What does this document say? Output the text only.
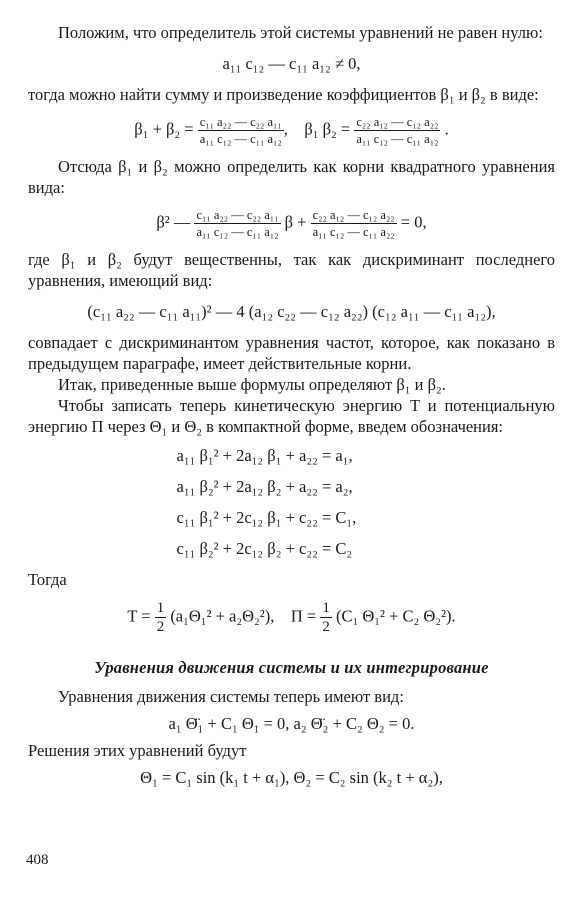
Положим, что определитель этой системы уравнений не равен нулю:

a₁₁ c₁₂ — c₁₁ a₁₂ ≠ 0,

тогда можно найти сумму и произведение коэффициентов β₁ и β₂ в виде:

$\beta_1 + \beta_2 = \frac{\text{c₁₁ a₂₂ — c₂₂ a₁₁}}{\text{a₁₁ c₁₂ — c₁₁ a₁₂}}$ , β₁ $\beta_2 = \frac{\text{c₂₂ a₁₂ — c₁₂ a₂₂}}{\text{a₁₁ c₁₂ — c₁₁ a₁₂}}$ .

Отсюда β₁ и β₂ можно определить как корни квадратного уравнения вида:

β² — $\frac{\text{c₁₁ a₂₂ — c₂₂ a₁₁}}{\text{a₁₁ c₁₂ — c₁₁ a₁₂}}$ $\beta + \frac{\text{c₂₂ a₁₂ — c₁₂ a₂₂}}{\text{a₁₁ c₁₂ — c₁₁ a₂₂}} = 0$,

где β₁ и β₂ будут вещественны, так как дискриминант последнего уравнения, имеющий вид:

(c₁₁ a₂₂ — c₁₁ a₁₁)² — 4 (a₁₂ c₂₂ — c₁₂ a₂₂) (c₁₂ a₁₁ — c₁₁ a₁₂),

совпадает с дискриминантом уравнения частот, которое, как показано в предыдущем параграфе, имеет действительные корни.

Итак, приведенные выше формулы определяют β₁ и β₂.

Чтобы записать теперь кинетическую энергию T и потенциальную энергию П через Θ₁ и Θ₂ в компактной форме, введем обозначения:

a₁₁ β₁² + 2a₁₂ β₁ + a₂₂ = a₁,
a₁₁ β₂² + 2a₁₂ β₂ + a₂₂ = a₂,
c₁₁ β₁² + 2c₁₂ β₁ + c₂₂ = C₁,
c₁₁ β₂² + 2c₁₂ β₂ + c₂₂ = C₂

Тогда

$T = \frac{1}{2} (a_1\Theta_1^2 + a_2\Theta_2^2)$, $П = \frac{1}{2} (C_1$ Θ₁² + C₂ Θ₂²).
Уравнения движения системы и их интегрирование

Уравнения движения системы теперь имеют вид:

a₁ Θ̈₁ + C₁ Θ₁ = 0, a₂ Θ̈₂ + C₂ Θ₂ = 0.

Решения этих уравнений будут

Θ₁ = C₁ sin (k₁ t + α₁), Θ₂ = C₂ sin (k₂ t + α₂),
408
